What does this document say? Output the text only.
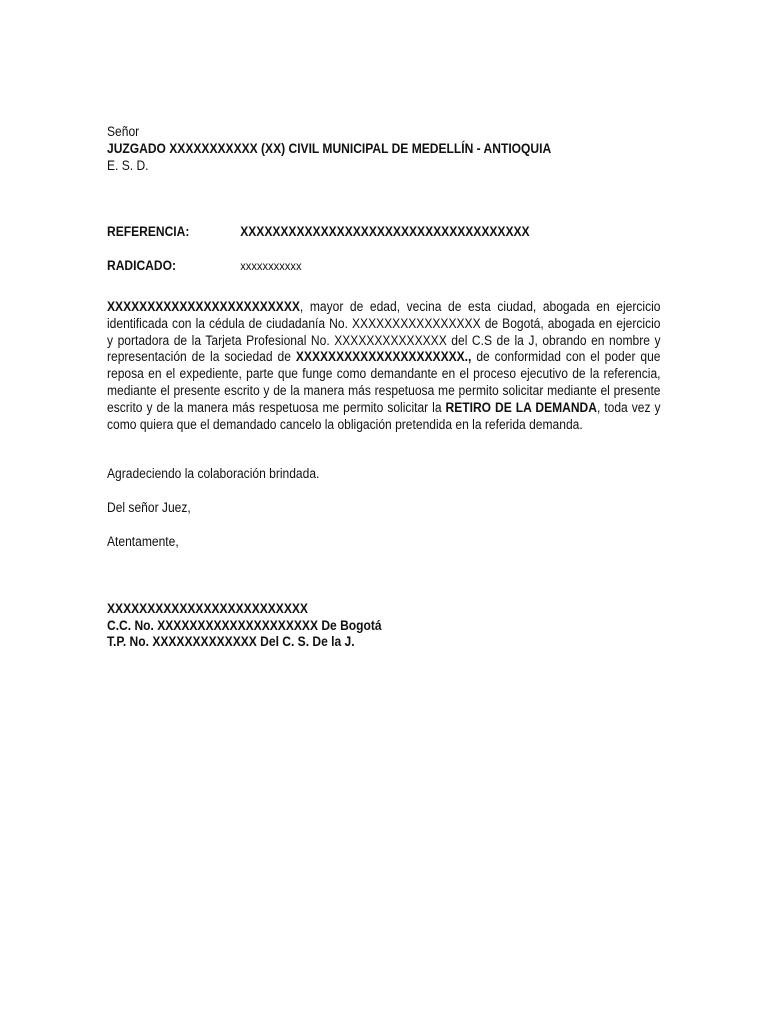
Señor
JUZGADO XXXXXXXXXXX (XX) CIVIL MUNICIPAL DE MEDELLÍN - ANTIOQUIA
E. S. D.
REFERENCIA:	XXXXXXXXXXXXXXXXXXXXXXXXXXXXXXXXXXXX
RADICADO:	xxxxxxxxxxx

XXXXXXXXXXXXXXXXXXXXXXXX, mayor de edad, vecina de esta ciudad, abogada en ejercicio identificada con la cédula de ciudadanía No. XXXXXXXXXXXXXXXX de Bogotá, abogada en ejercicio y portadora de la Tarjeta Profesional No. XXXXXXXXXXXXXX del C.S de la J, obrando en nombre y representación de la sociedad de XXXXXXXXXXXXXXXXXXXXX., de conformidad con el poder que reposa en el expediente, parte que funge como demandante en el proceso ejecutivo de la referencia, mediante el presente escrito y de la manera más respetuosa me permito solicitar mediante el presente escrito y de la manera más respetuosa me permito solicitar la RETIRO DE LA DEMANDA, toda vez y como quiera que el demandado cancelo la obligación pretendida en la referida demanda.

Agradeciendo la colaboración brindada.
Del señor Juez,
Atentamente,
XXXXXXXXXXXXXXXXXXXXXXXXX
C.C. No. XXXXXXXXXXXXXXXXXXXX De Bogotá
T.P. No. XXXXXXXXXXXXX Del C. S. De la J.
